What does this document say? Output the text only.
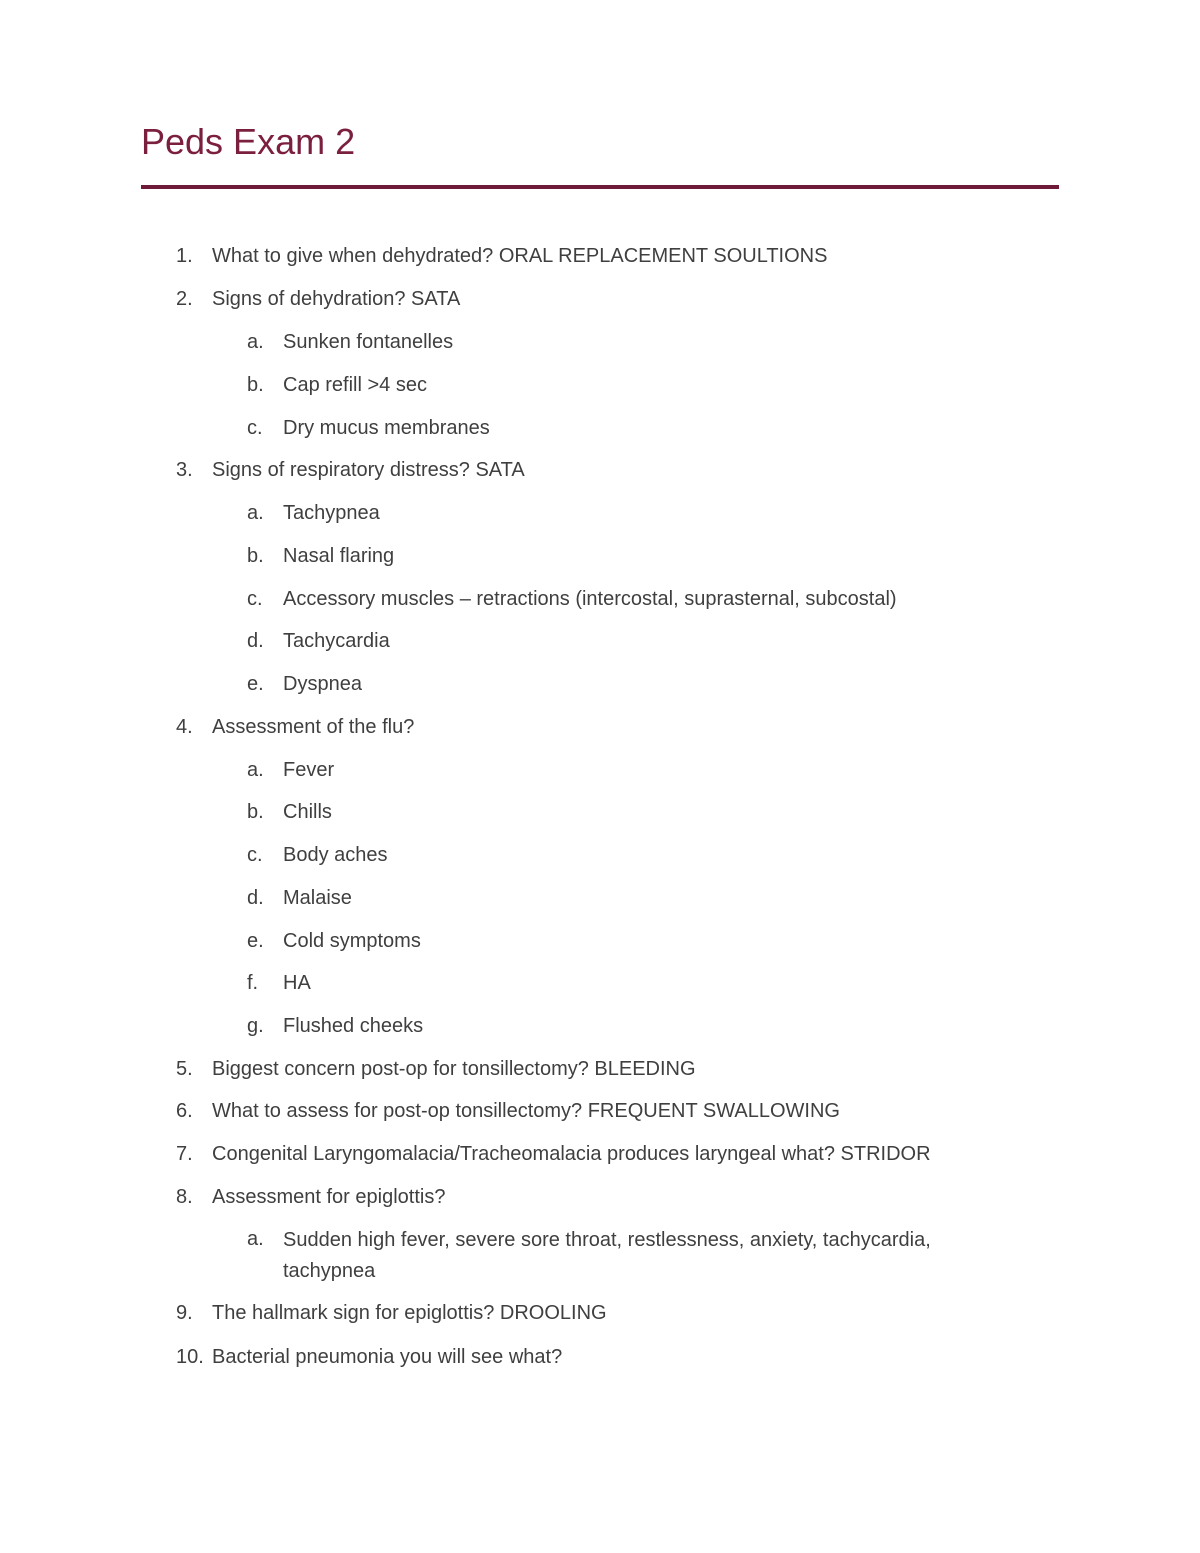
Peds Exam 2
1. What to give when dehydrated? ORAL REPLACEMENT SOULTIONS
2. Signs of dehydration? SATA
a. Sunken fontanelles
b. Cap refill >4 sec
c.	Dry mucus membranes
3. Signs of respiratory distress? SATA
a. Tachypnea
b. Nasal flaring
c.	Accessory muscles – retractions (intercostal, suprasternal, subcostal)
d. Tachycardia
e. Dyspnea
4. Assessment of the flu?
a. Fever
b. Chills
c.	Body aches
d. Malaise
e. Cold symptoms
f.	HA
g. Flushed cheeks
5. Biggest concern post-op for tonsillectomy? BLEEDING
6. What to assess for post-op tonsillectomy? FREQUENT SWALLOWING
7. Congenital Laryngomalacia/Tracheomalacia produces laryngeal what? STRIDOR
8. Assessment for epiglottis?
a. Sudden high fever, severe sore throat, restlessness, anxiety, tachycardia, tachypnea
9. The hallmark sign for epiglottis? DROOLING
10. Bacterial pneumonia you will see what?
